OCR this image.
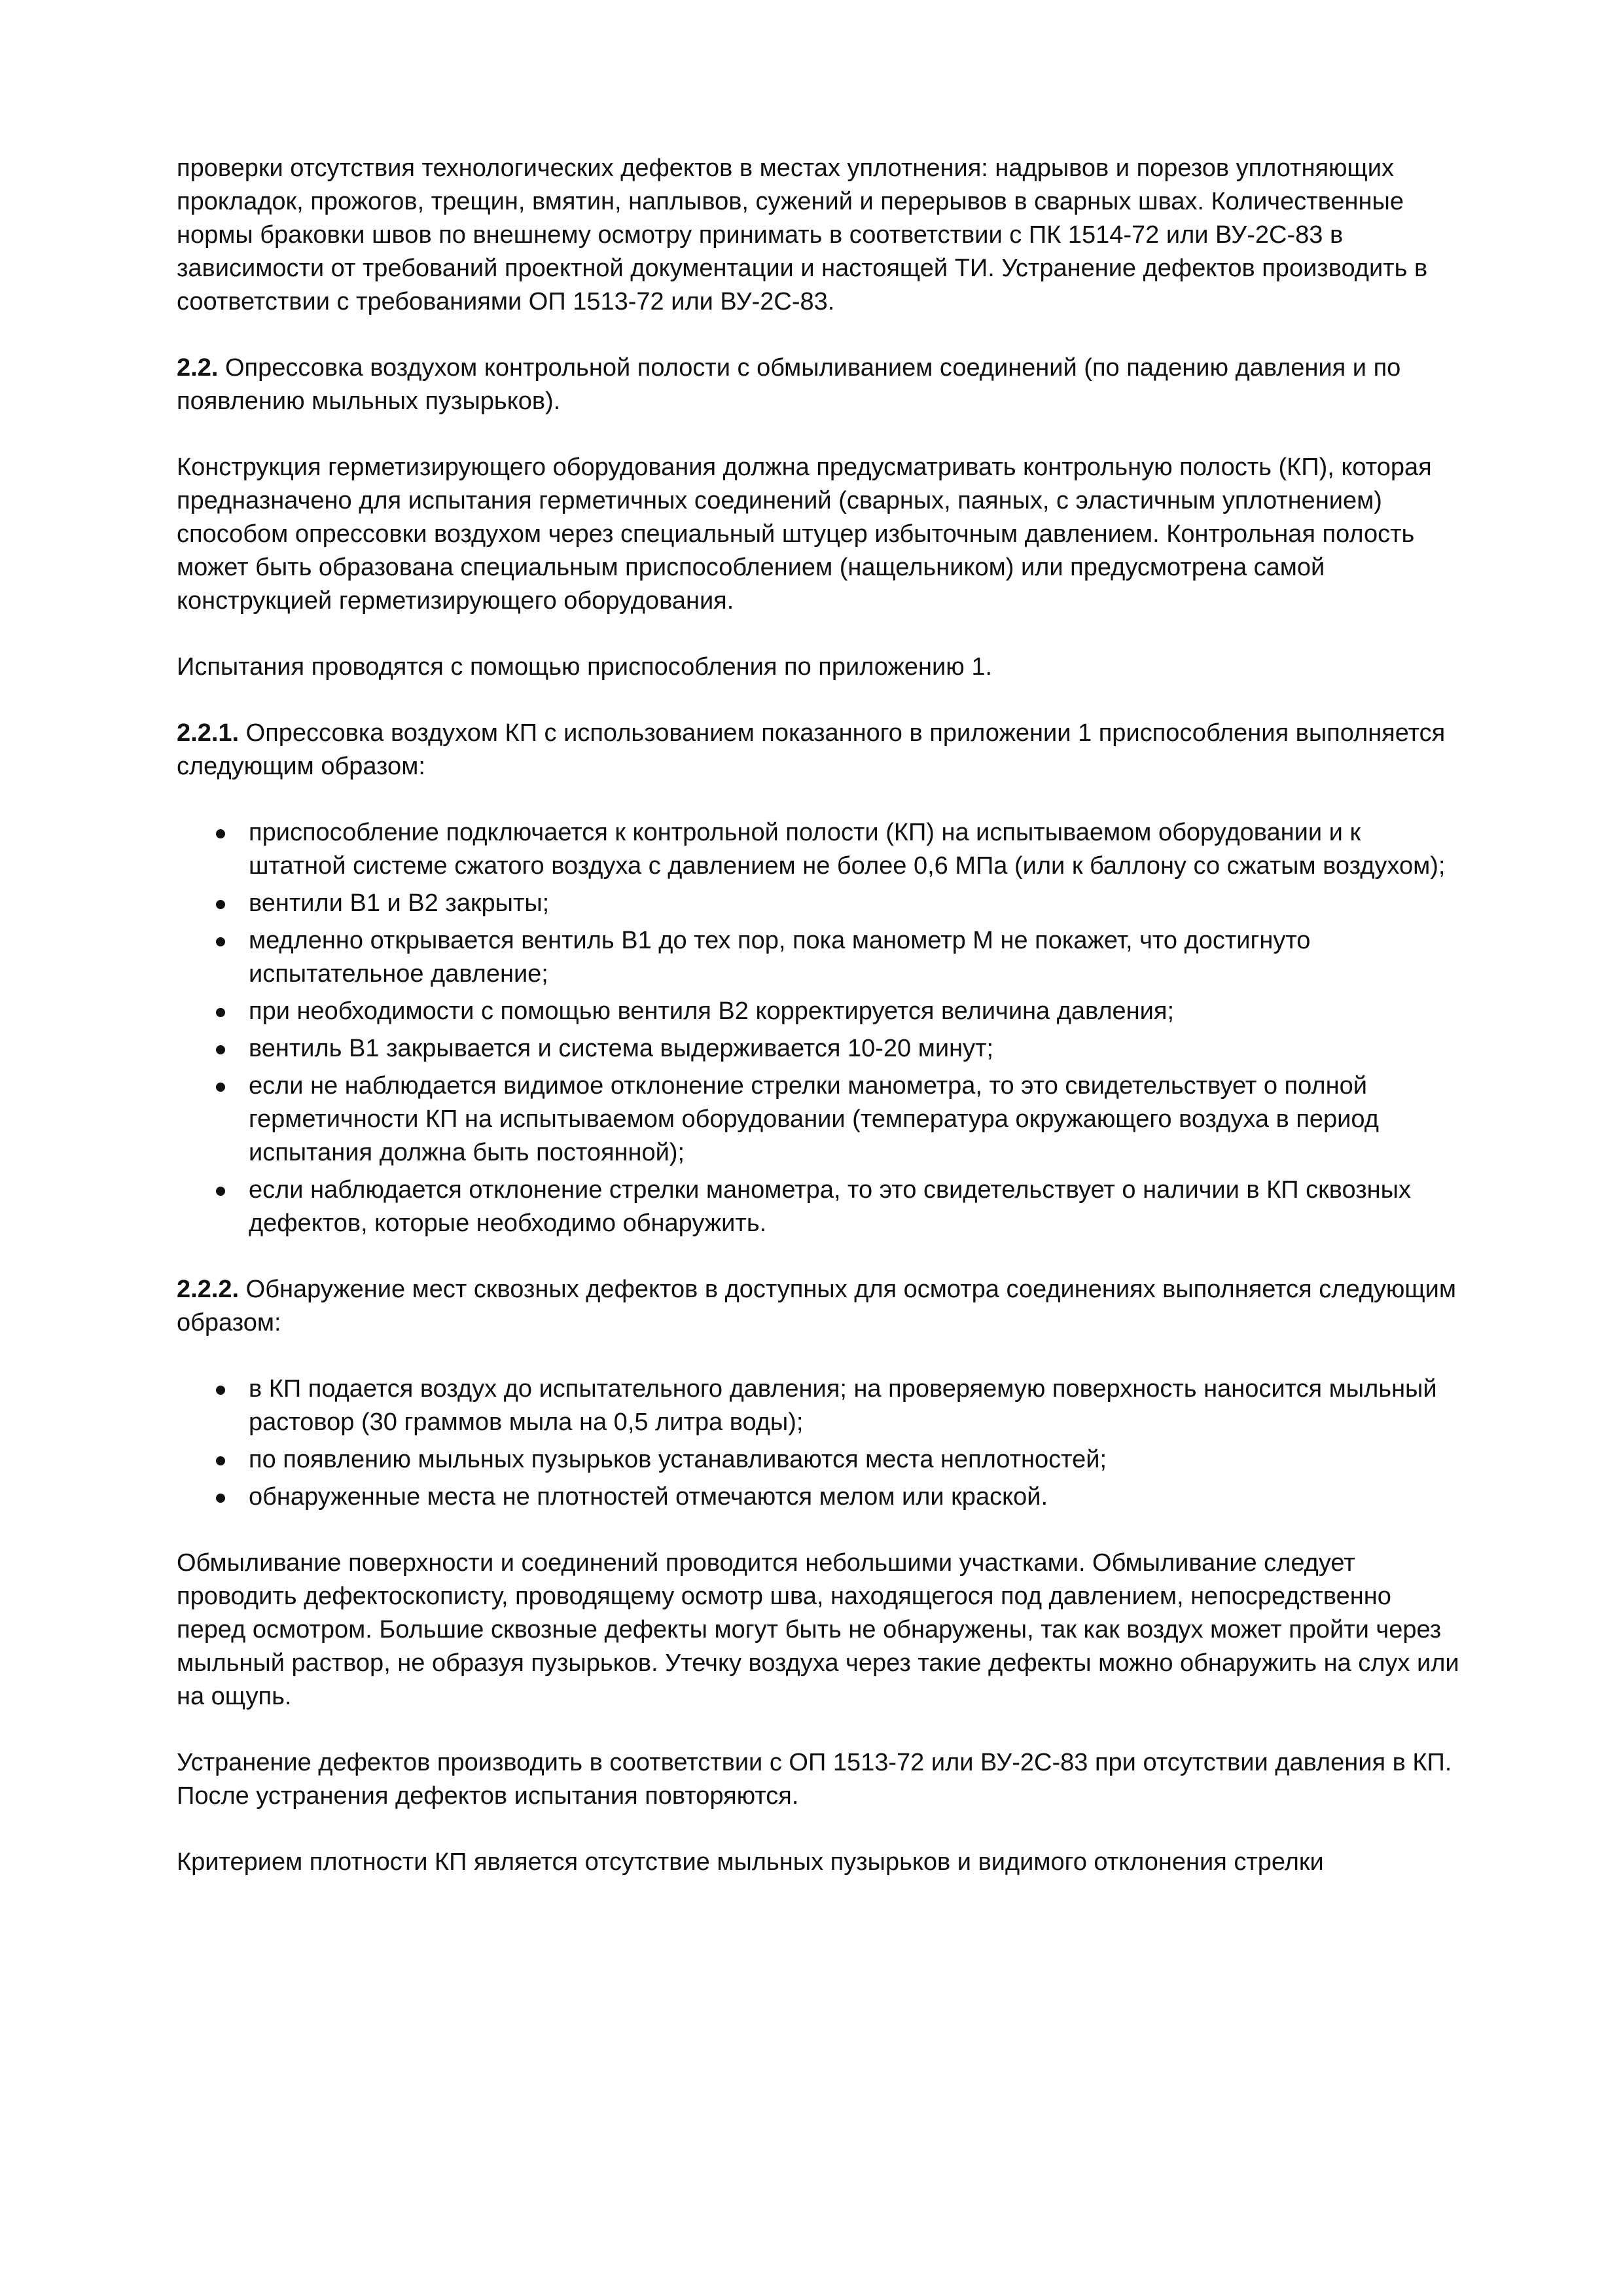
проверки отсутствия технологических дефектов в местах уплотнения: надрывов и порезов уплотняющих прокладок, прожогов, трещин, вмятин, наплывов, сужений и перерывов в сварных швах. Количественные нормы браковки швов по внешнему осмотру принимать в соответствии с ПК 1514-72 или ВУ-2С-83 в зависимости от требований проектной документации и настоящей ТИ. Устранение дефектов производить в соответствии с требованиями ОП 1513-72 или ВУ-2С-83.

2.2. Опрессовка воздухом контрольной полости с обмыливанием соединений (по падению давления и по появлению мыльных пузырьков).

Конструкция герметизирующего оборудования должна предусматривать контрольную полость (КП), которая предназначено для испытания герметичных соединений (сварных, паяных, с эластичным уплотнением) способом опрессовки воздухом через специальный штуцер избыточным давлением. Контрольная полость может быть образована специальным приспособлением (нащельником) или предусмотрена самой конструкцией герметизирующего оборудования.

Испытания проводятся с помощью приспособления по приложению 1.

2.2.1. Опрессовка воздухом КП с использованием показанного в приложении 1 приспособления выполняется следующим образом:

приспособление подключается к контрольной полости (КП) на испытываемом оборудовании и к штатной системе сжатого воздуха с давлением не более 0,6 МПа (или к баллону со сжатым воздухом);
вентили В1 и В2 закрыты;
медленно открывается вентиль В1 до тех пор, пока манометр М не покажет, что достигнуто испытательное давление;
при необходимости с помощью вентиля В2 корректируется величина давления;
вентиль В1 закрывается и система выдерживается 10-20 минут;
если не наблюдается видимое отклонение стрелки манометра, то это свидетельствует о полной герметичности КП на испытываемом оборудовании (температура окружающего воздуха в период испытания должна быть постоянной);
если наблюдается отклонение стрелки манометра, то это свидетельствует о наличии в КП сквозных дефектов, которые необходимо обнаружить.

2.2.2. Обнаружение мест сквозных дефектов в доступных для осмотра соединениях выполняется следующим образом:

в КП подается воздух до испытательного давления; на проверяемую поверхность наносится мыльный растовор (30 граммов мыла на 0,5 литра воды);
по появлению мыльных пузырьков устанавливаются места неплотностей;
обнаруженные места не плотностей отмечаются мелом или краской.

Обмыливание поверхности и соединений проводится небольшими участками. Обмыливание следует проводить дефектоскописту, проводящему осмотр шва, находящегося под давлением, непосредственно перед осмотром. Большие сквозные дефекты могут быть не обнаружены, так как воздух может пройти через мыльный раствор, не образуя пузырьков. Утечку воздуха через такие дефекты можно обнаружить на слух или на ощупь.

Устранение дефектов производить в соответствии с ОП 1513-72 или ВУ-2С-83 при отсутствии давления в КП. После устранения дефектов испытания повторяются.

Критерием плотности КП является отсутствие мыльных пузырьков и видимого отклонения стрелки
